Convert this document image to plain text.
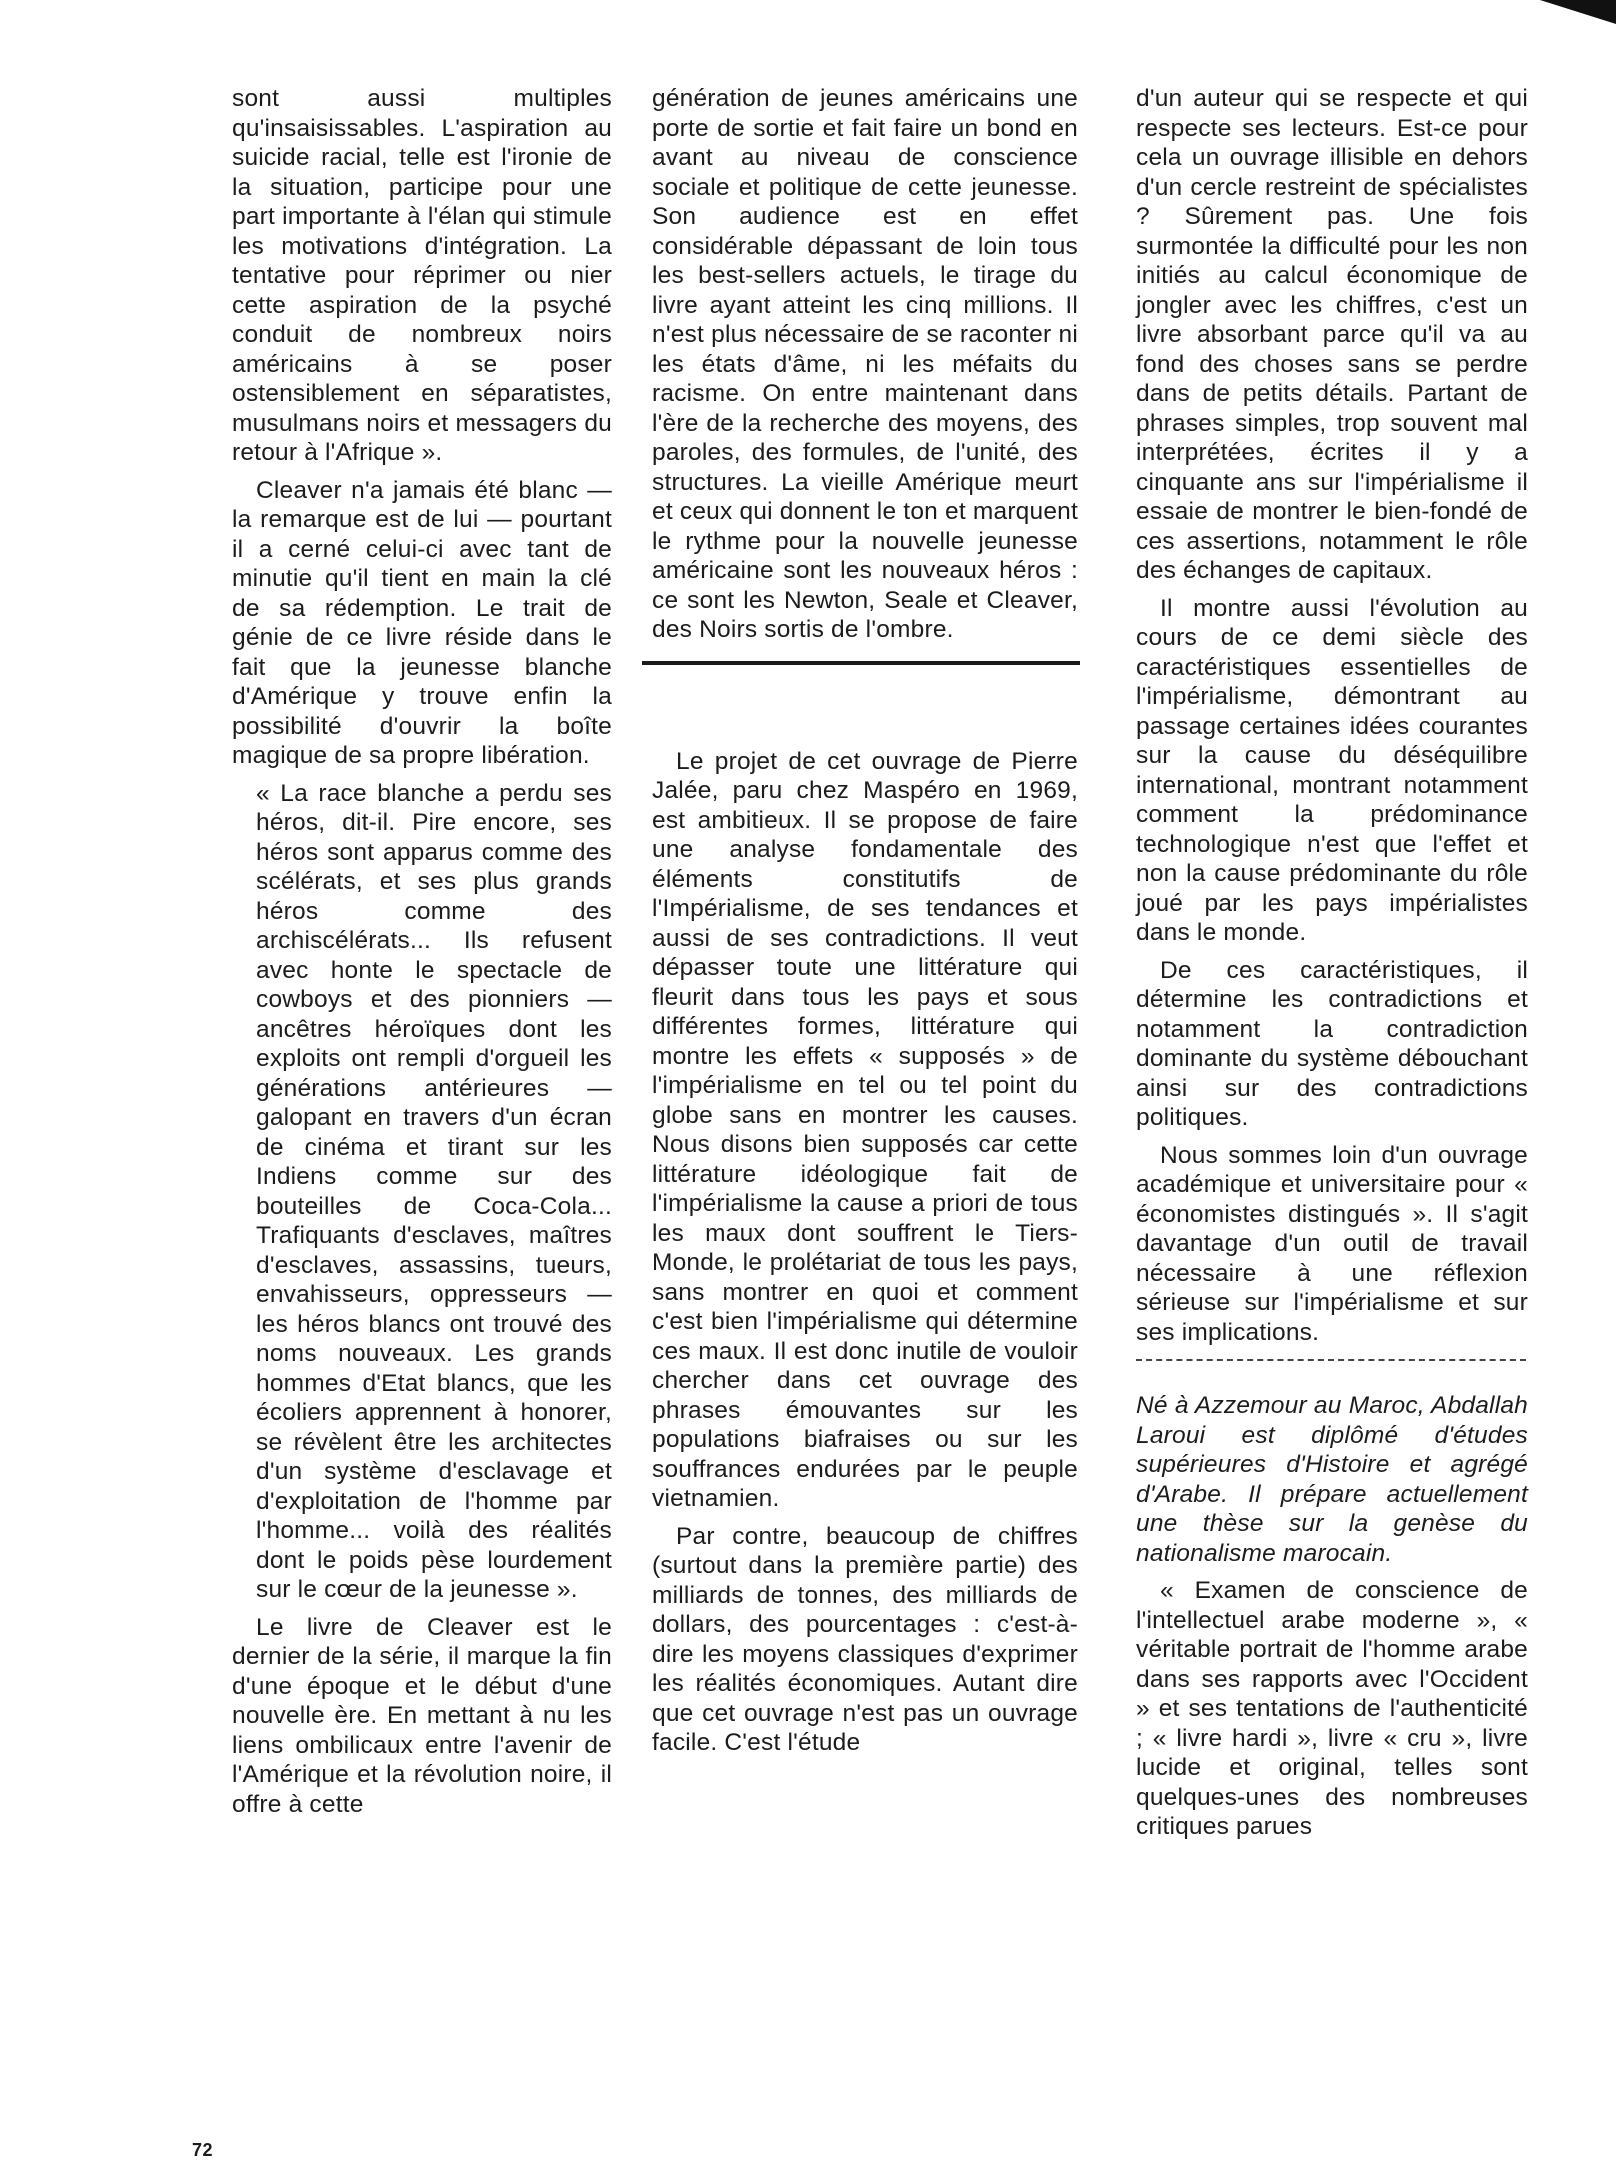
sont aussi multiples qu'insaisissables. L'aspiration au suicide racial, telle est l'ironie de la situation, participe pour une part importante à l'élan qui stimule les motivations d'intégration. La tentative pour réprimer ou nier cette aspiration de la psyché conduit de nombreux noirs américains à se poser ostensiblement en séparatistes, musulmans noirs et messagers du retour à l'Afrique ».

Cleaver n'a jamais été blanc — la remarque est de lui — pourtant il a cerné celui-ci avec tant de minutie qu'il tient en main la clé de sa rédemption. Le trait de génie de ce livre réside dans le fait que la jeunesse blanche d'Amérique y trouve enfin la possibilité d'ouvrir la boîte magique de sa propre libération.

« La race blanche a perdu ses héros, dit-il. Pire encore, ses héros sont apparus comme des scélérats, et ses plus grands héros comme des archiscélérats... Ils refusent avec honte le spectacle de cowboys et des pionniers — ancêtres héroïques dont les exploits ont rempli d'orgueil les générations antérieures — galopant en travers d'un écran de cinéma et tirant sur les Indiens comme sur des bouteilles de Coca-Cola... Trafiquants d'esclaves, maîtres d'esclaves, assassins, tueurs, envahisseurs, oppresseurs — les héros blancs ont trouvé des noms nouveaux. Les grands hommes d'Etat blancs, que les écoliers apprennent à honorer, se révèlent être les architectes d'un système d'esclavage et d'exploitation de l'homme par l'homme... voilà des réalités dont le poids pèse lourdement sur le cœur de la jeunesse ».

Le livre de Cleaver est le dernier de la série, il marque la fin d'une époque et le début d'une nouvelle ère. En mettant à nu les liens ombilicaux entre l'avenir de l'Amérique et la révolution noire, il offre à cette

génération de jeunes américains une porte de sortie et fait faire un bond en avant au niveau de conscience sociale et politique de cette jeunesse. Son audience est en effet considérable dépassant de loin tous les best-sellers actuels, le tirage du livre ayant atteint les cinq millions. Il n'est plus nécessaire de se raconter ni les états d'âme, ni les méfaits du racisme. On entre maintenant dans l'ère de la recherche des moyens, des paroles, des formules, de l'unité, des structures. La vieille Amérique meurt et ceux qui donnent le ton et marquent le rythme pour la nouvelle jeunesse américaine sont les nouveaux héros : ce sont les Newton, Seale et Cleaver, des Noirs sortis de l'ombre.

Le projet de cet ouvrage de Pierre Jalée, paru chez Maspéro en 1969, est ambitieux. Il se propose de faire une analyse fondamentale des éléments constitutifs de l'Impérialisme, de ses tendances et aussi de ses contradictions. Il veut dépasser toute une littérature qui fleurit dans tous les pays et sous différentes formes, littérature qui montre les effets « supposés » de l'impérialisme en tel ou tel point du globe sans en montrer les causes. Nous disons bien supposés car cette littérature idéologique fait de l'impérialisme la cause a priori de tous les maux dont souffrent le Tiers-Monde, le prolétariat de tous les pays, sans montrer en quoi et comment c'est bien l'impérialisme qui détermine ces maux. Il est donc inutile de vouloir chercher dans cet ouvrage des phrases émouvantes sur les populations biafraises ou sur les souffrances endurées par le peuple vietnamien.

Par contre, beaucoup de chiffres (surtout dans la première partie) des milliards de tonnes, des milliards de dollars, des pourcentages : c'est-à-dire les moyens classiques d'exprimer les réalités économiques. Autant dire que cet ouvrage n'est pas un ouvrage facile. C'est l'étude

d'un auteur qui se respecte et qui respecte ses lecteurs. Est-ce pour cela un ouvrage illisible en dehors d'un cercle restreint de spécialistes ? Sûrement pas. Une fois surmontée la difficulté pour les non initiés au calcul économique de jongler avec les chiffres, c'est un livre absorbant parce qu'il va au fond des choses sans se perdre dans de petits détails. Partant de phrases simples, trop souvent mal interprétées, écrites il y a cinquante ans sur l'impérialisme il essaie de montrer le bien-fondé de ces assertions, notamment le rôle des échanges de capitaux.

Il montre aussi l'évolution au cours de ce demi siècle des caractéristiques essentielles de l'impérialisme, démontrant au passage certaines idées courantes sur la cause du déséquilibre international, montrant notamment comment la prédominance technologique n'est que l'effet et non la cause prédominante du rôle joué par les pays impérialistes dans le monde.

De ces caractéristiques, il détermine les contradictions et notamment la contradiction dominante du système débouchant ainsi sur des contradictions politiques.

Nous sommes loin d'un ouvrage académique et universitaire pour « économistes distingués ». Il s'agit davantage d'un outil de travail nécessaire à une réflexion sérieuse sur l'impérialisme et sur ses implications.

Né à Azzemour au Maroc, Abdallah Laroui est diplômé d'études supérieures d'Histoire et agrégé d'Arabe. Il prépare actuellement une thèse sur la genèse du nationalisme marocain.

« Examen de conscience de l'intellectuel arabe moderne », « véritable portrait de l'homme arabe dans ses rapports avec l'Occident » et ses tentations de l'authenticité ; « livre hardi », livre « cru », livre lucide et original, telles sont quelques-unes des nombreuses critiques parues

72
